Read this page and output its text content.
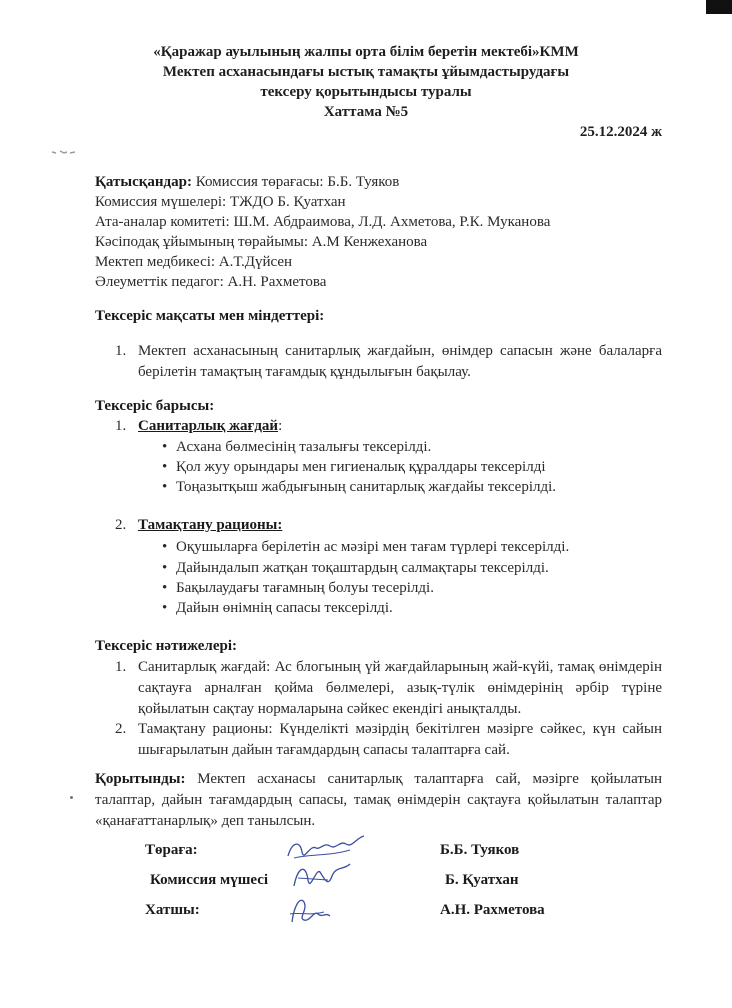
«Қаражар ауылының жалпы орта білім беретін мектебі»КММ
Мектеп асханасындағы ыстық тамақты ұйымдастырудағы
тексеру қорытындысы туралы
Хаттама №5
25.12.2024 ж
Қатысқандар: Комиссия төрағасы: Б.Б. Туяков
Комиссия мүшелері: ТЖДО Б. Қуатхан
Ата-аналар комитеті: Ш.М. Абдраимова, Л.Д. Ахметова, Р.К. Муканова
Кәсіподақ ұйымының төрайымы: А.М Кенжеханова
Мектеп медбикесі: А.Т.Дүйсен
Әлеуметтік педагог: А.Н. Рахметова
Тексеріс мақсаты мен міндеттері:
1. Мектеп асханасының санитарлық жағдайын, өнімдер сапасын және балаларға берілетін тамақтың тағамдық құндылығын бақылау.
Тексеріс барысы:
1. Санитарлық жағдай:
• Асхана бөлмесінің тазалығы тексерілді.
• Қол жуу орындары мен гигиеналық құралдары тексерілді
• Тоңазытқыш жабдығының санитарлық жағдайы тексерілді.
2. Тамақтану рационы:
• Оқушыларға берілетін ас мәзірі мен тағам түрлері тексерілді.
• Дайындалып жатқан тоқаштардың салмақтары тексерілді.
• Бақылаудағы тағамның болуы тесерілді.
• Дайын өнімнің сапасы тексерілді.
Тексеріс нәтижелері:
1. Санитарлық жағдай: Ас блогының үй жағдайларының жай-күйі, тамақ өнімдерін сақтауға арналған қойма бөлмелері, азық-түлік өнімдерінің әрбір түріне қойылатын сақтау нормаларына сәйкес екендігі анықталды.
2. Тамақтану рационы: Күнделікті мәзірдің бекітілген мәзірге сәйкес, күн сайын шығарылатын дайын тағамдардың сапасы талаптарға сай.
Қорытынды: Мектеп асханасы санитарлық талаптарға сай, мәзірге қойылатын талаптар, дайын тағамдардың сапасы, тамақ өнімдерін сақтауға қойылатын талаптар «қанағаттанарлық» деп танылсын.
Төраға:	Б.Б. Туяков
Комиссия мүшесі	Б. Қуатхан
Хатшы:	А.Н. Рахметова
